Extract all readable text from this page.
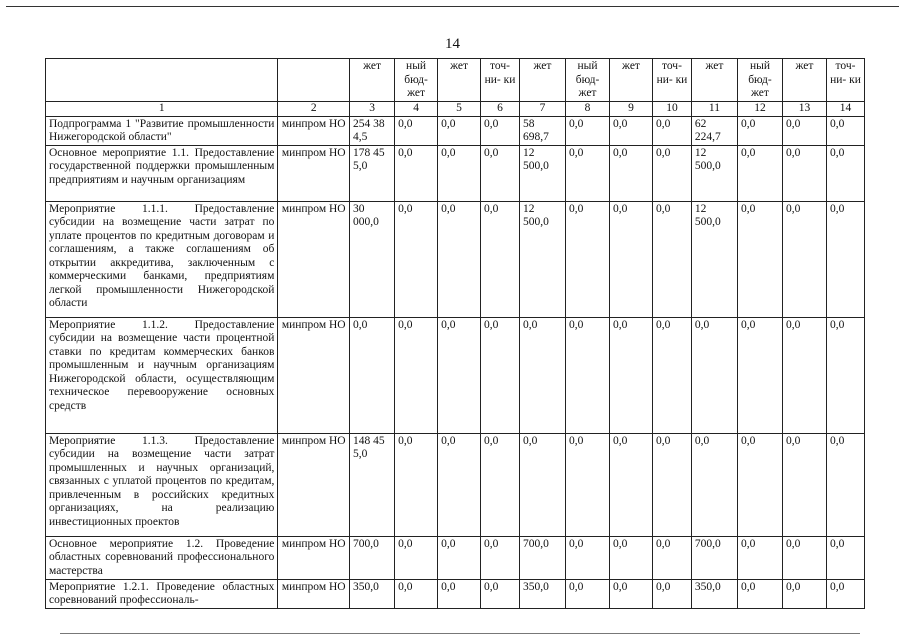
14
		жет	ный бюд- жет	жет	точ- ни- ки	жет	ный бюд- жет	жет	точ- ни- ки	жет	ный бюд- жет	жет	точ- ни- ки
1	2	3	4	5	6	7	8	9	10	11	12	13	14
Подпрограмма 1 "Развитие промышленности Нижегородской области"	минпром НО	254 38 4,5	0,0	0,0	0,0	58 698,7	0,0	0,0	0,0	62 224,7	0,0	0,0	0,0
Основное мероприятие 1.1. Предоставление государственной поддержки промышленным предприятиям и научным организациям	минпром НО	178 45 5,0	0,0	0,0	0,0	12 500,0	0,0	0,0	0,0	12 500,0	0,0	0,0	0,0
Мероприятие 1.1.1. Предоставление субсидии на возмещение части затрат по уплате процентов по кредитным договорам и соглашениям, а также соглашениям об открытии аккредитива, заключенным с коммерческими банками, предприятиям легкой промышленности Нижегородской области	минпром НО	30 000,0	0,0	0,0	0,0	12 500,0	0,0	0,0	0,0	12 500,0	0,0	0,0	0,0
Мероприятие 1.1.2. Предоставление субсидии на возмещение части процентной ставки по кредитам коммерческих банков промышленным и научным организациям Нижегородской области, осуществляющим техническое перевооружение основных средств	минпром НО	0,0	0,0	0,0	0,0	0,0	0,0	0,0	0,0	0,0	0,0	0,0	0,0
Мероприятие 1.1.3. Предоставление субсидии на возмещение части затрат промышленных и научных организаций, связанных с уплатой процентов по кредитам, привлеченным в российских кредитных организациях, на реализацию инвестиционных проектов	минпром НО	148 45 5,0	0,0	0,0	0,0	0,0	0,0	0,0	0,0	0,0	0,0	0,0	0,0
Основное мероприятие 1.2. Проведение областных соревнований профессионального мастерства	минпром НО	700,0	0,0	0,0	0,0	700,0	0,0	0,0	0,0	700,0	0,0	0,0	0,0
Мероприятие 1.2.1. Проведение областных соревнований профессиональ-	минпром НО	350,0	0,0	0,0	0,0	350,0	0,0	0,0	0,0	350,0	0,0	0,0	0,0
